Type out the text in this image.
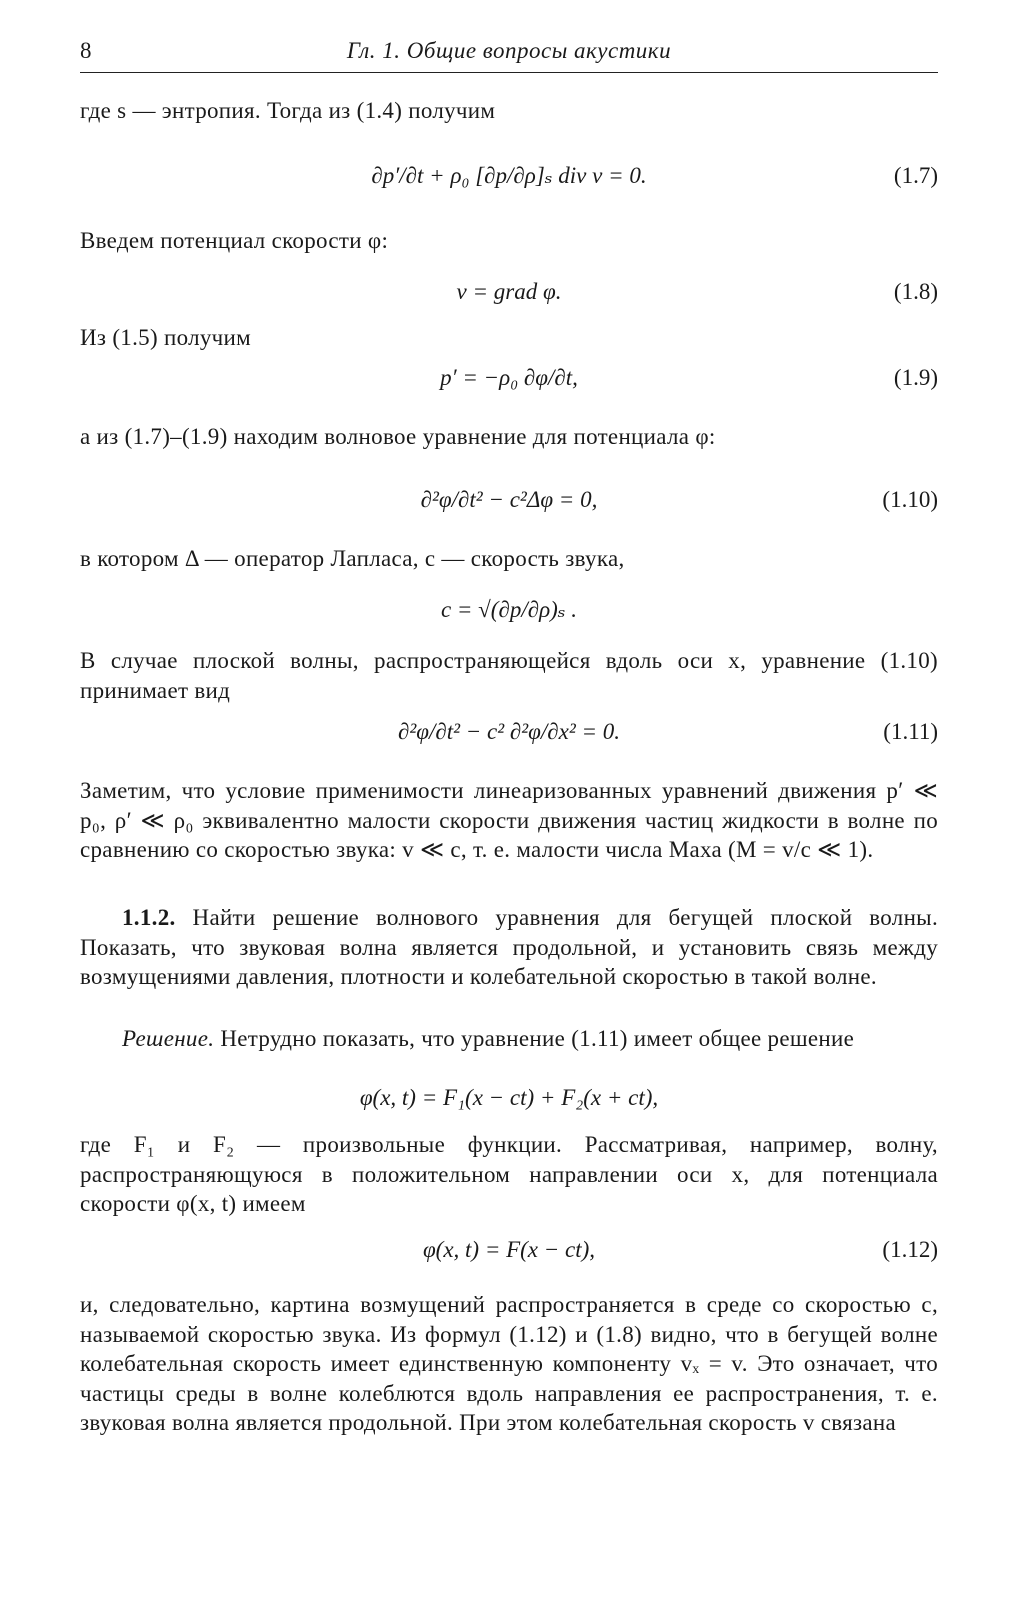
8	Гл. 1. Общие вопросы акустики

где s — энтропия. Тогда из (1.4) получим

∂p′/∂t + ρ₀ [∂p/∂ρ]ₛ div v = 0.	(1.7)

Введем потенциал скорости φ:

v = grad φ.	(1.8)

Из (1.5) получим

p′ = −ρ₀ ∂φ/∂t,	(1.9)

а из (1.7)–(1.9) находим волновое уравнение для потенциала φ:

∂²φ/∂t² − c²Δφ = 0,	(1.10)

в котором Δ — оператор Лапласа, c — скорость звука,

c = √(∂p/∂ρ)ₛ .

В случае плоской волны, распространяющейся вдоль оси x, уравнение (1.10) принимает вид

∂²φ/∂t² − c² ∂²φ/∂x² = 0.	(1.11)

Заметим, что условие применимости линеаризованных уравнений движения p′ ≪ p₀, ρ′ ≪ ρ₀ эквивалентно малости скорости движения частиц жидкости в волне по сравнению со скоростью звука: v ≪ c, т. е. малости числа Маха (M = v/c ≪ 1).

1.1.2. Найти решение волнового уравнения для бегущей плоской волны. Показать, что звуковая волна является продольной, и установить связь между возмущениями давления, плотности и колебательной скоростью в такой волне.

Решение. Нетрудно показать, что уравнение (1.11) имеет общее решение

φ(x, t) = F₁(x − ct) + F₂(x + ct),

где F₁ и F₂ — произвольные функции. Рассматривая, например, волну, распространяющуюся в положительном направлении оси x, для потенциала скорости φ(x, t) имеем

φ(x, t) = F(x − ct),	(1.12)

и, следовательно, картина возмущений распространяется в среде со скоростью c, называемой скоростью звука. Из формул (1.12) и (1.8) видно, что в бегущей волне колебательная скорость имеет единственную компоненту vₓ = v. Это означает, что частицы среды в волне колеблются вдоль направления ее распространения, т. е. звуковая волна является продольной. При этом колебательная скорость v связана
